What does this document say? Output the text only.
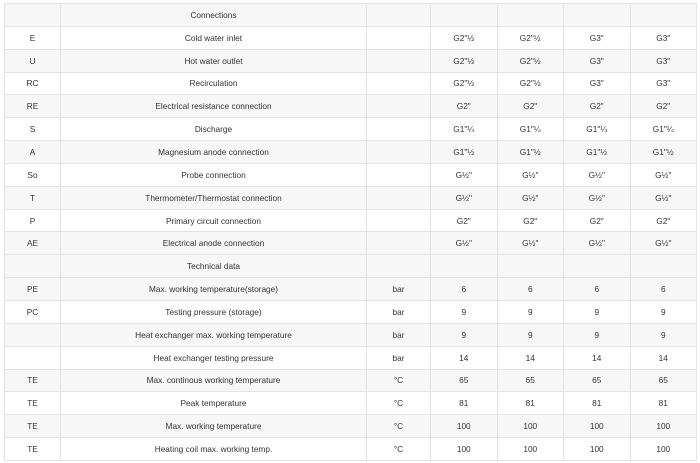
	Connections					
E	Cold water inlet		G2"½	G2"½	G3"	G3"
U	Hot water outlet		G2"½	G2"½	G3"	G3"
RC	Recirculation		G2"½	G2"½	G3"	G3"
RE	Electrical resistance connection		G2"	G2"	G2"	G2"
S	Discharge		G1"¼	G1"¼	G1"¼	G1"¼
A	Magnesium anode connection		G1"½	G1"½	G1"½	G1"½
So	Probe connection		G½"	G½"	G½"	G½"
T	Thermometer/Thermostat connection		G½"	G½"	G½"	G½"
P	Primary circuit connection		G2"	G2"	G2"	G2"
AE	Electrical anode connection		G½"	G½"	G½"	G½"
	Technical data					
PE	Max. working temperature(storage)	bar	6	6	6	6
PC	Testing pressure (storage)	bar	9	9	9	9
	Heat exchanger max. working temperature	bar	9	9	9	9
	Heat exchanger testing pressure	bar	14	14	14	14
TE	Max. continous working temperature	°C	65	65	65	65
TE	Peak temperature	°C	81	81	81	81
TE	Max. working temperature	°C	100	100	100	100
TE	Heating coil max. working temp.	°C	100	100	100	100
